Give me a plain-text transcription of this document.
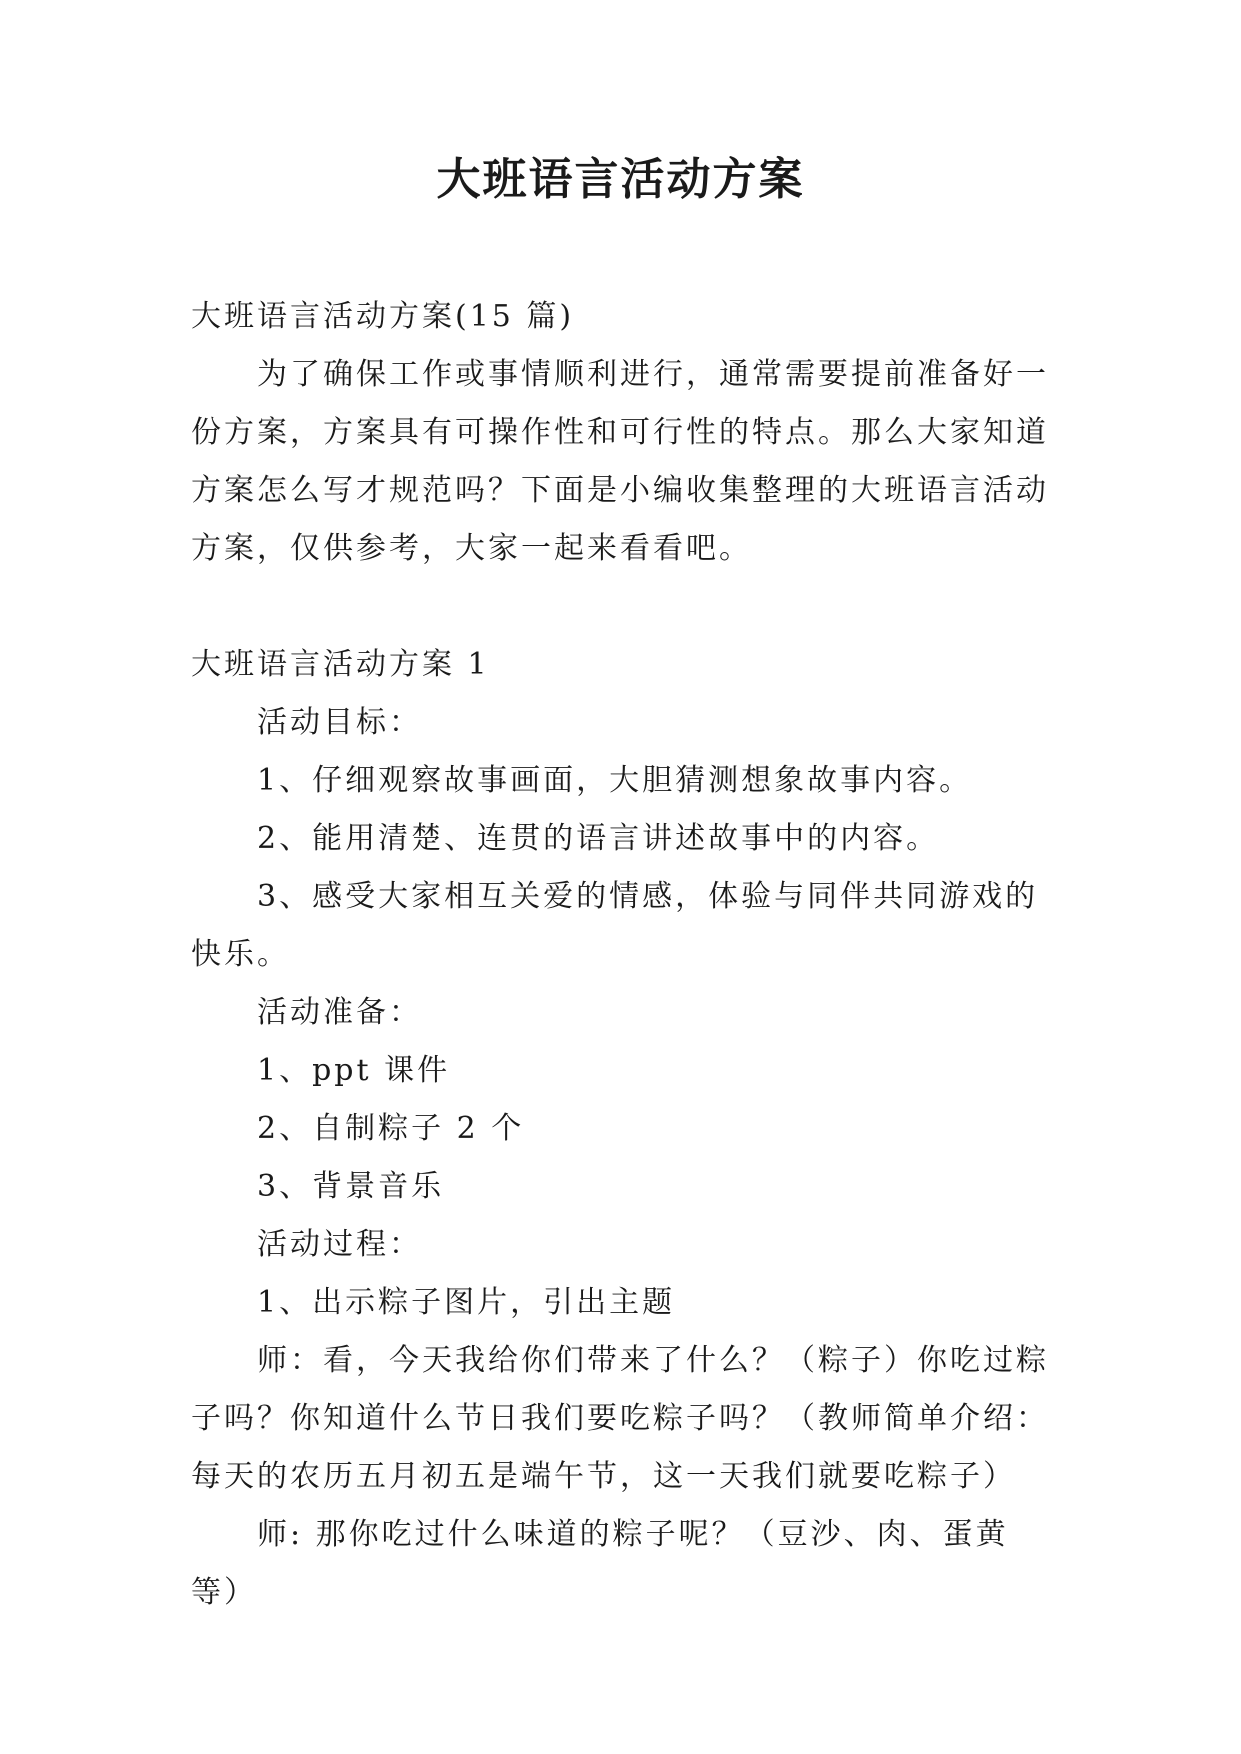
大班语言活动方案

大班语言活动方案(15 篇)

为了确保工作或事情顺利进行，通常需要提前准备好一份方案，方案具有可操作性和可行性的特点。那么大家知道方案怎么写才规范吗？下面是小编收集整理的大班语言活动方案，仅供参考，大家一起来看看吧。

大班语言活动方案 1

活动目标：

1、仔细观察故事画面，大胆猜测想象故事内容。

2、能用清楚、连贯的语言讲述故事中的内容。

3、感受大家相互关爱的情感，体验与同伴共同游戏的快乐。

活动准备：

1、ppt 课件

2、自制粽子 2 个

3、背景音乐

活动过程：

1、出示粽子图片，引出主题

师：看，今天我给你们带来了什么？（粽子）你吃过粽子吗？你知道什么节日我们要吃粽子吗？（教师简单介绍：每天的农历五月初五是端午节，这一天我们就要吃粽子）

师: 那你吃过什么味道的粽子呢？（豆沙、肉、蛋黄等）
